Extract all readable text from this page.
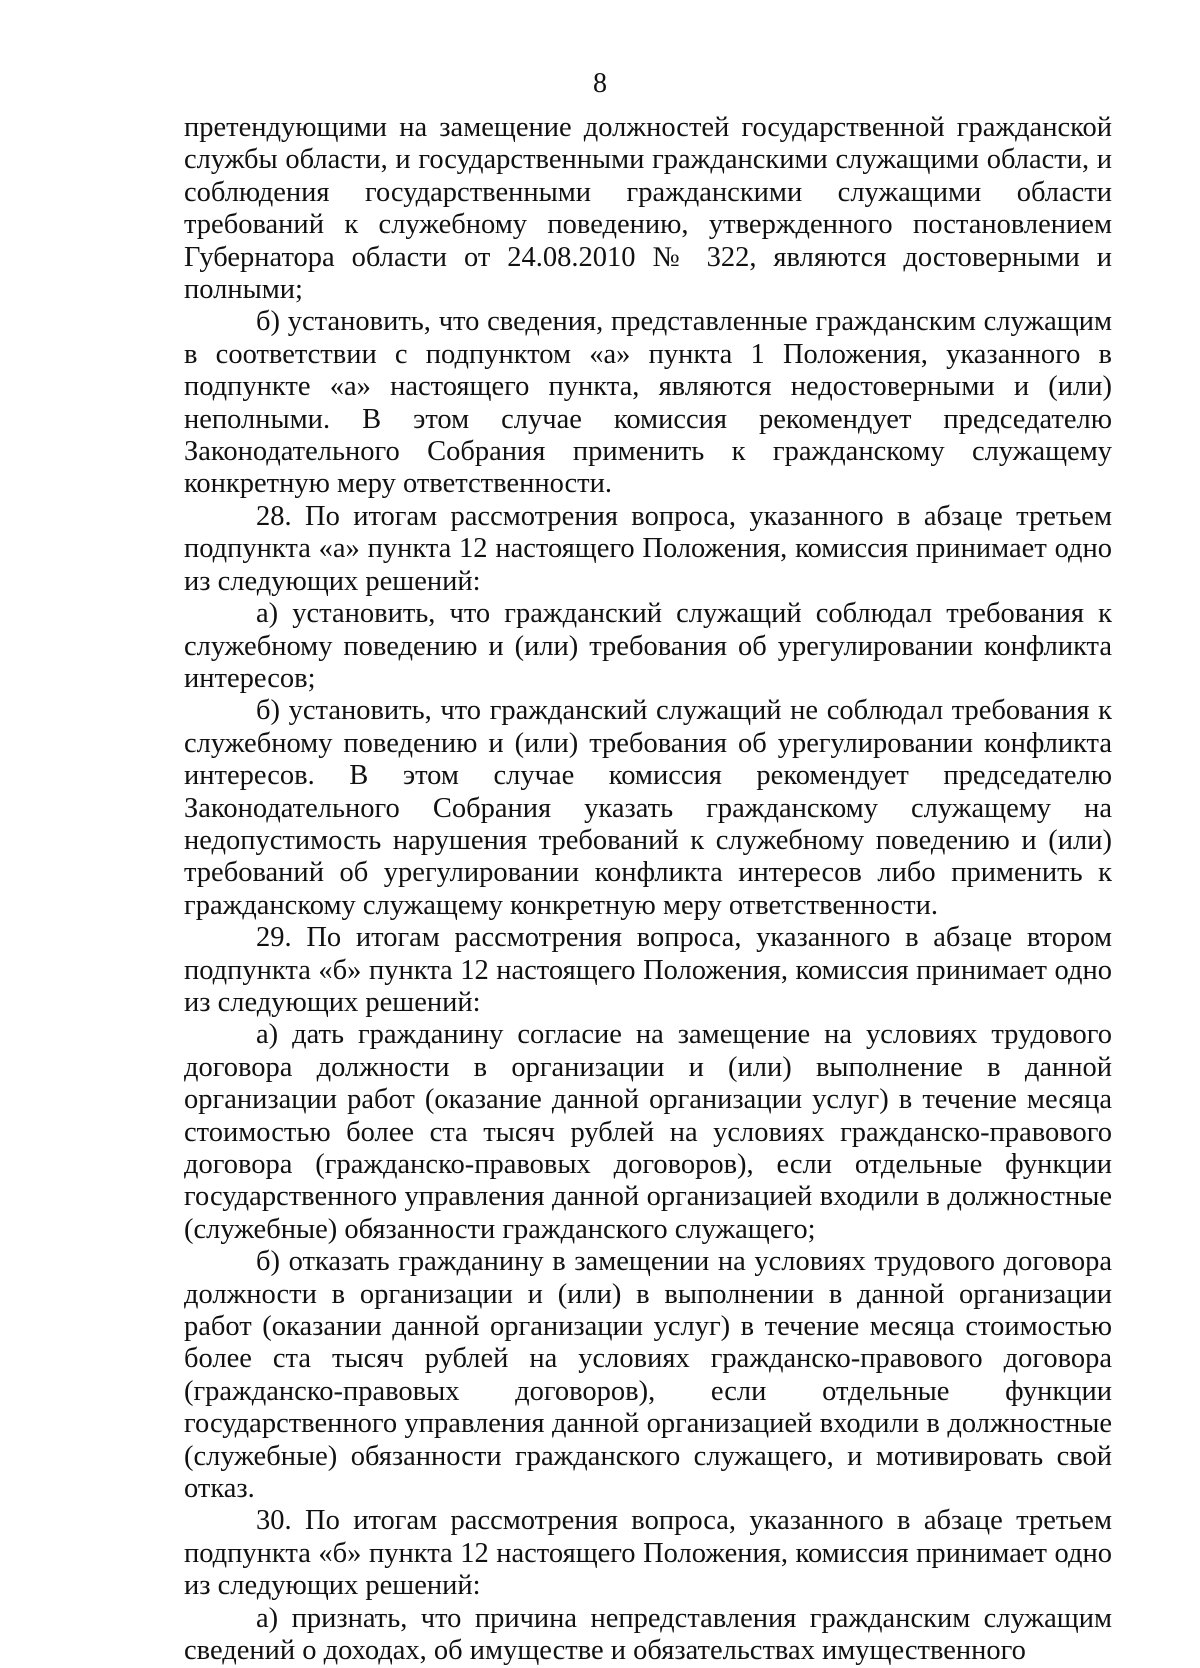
8

претендующими на замещение должностей государственной гражданской службы области, и государственными гражданскими служащими области, и соблюдения государственными гражданскими служащими области требований к служебному поведению, утвержденного постановлением Губернатора области от 24.08.2010 № 322, являются достоверными и полными;

б) установить, что сведения, представленные гражданским служащим в соответствии с подпунктом «а» пункта 1 Положения, указанного в подпункте «а» настоящего пункта, являются недостоверными и (или) неполными. В этом случае комиссия рекомендует председателю Законодательного Собрания применить к гражданскому служащему конкретную меру ответственности.

28. По итогам рассмотрения вопроса, указанного в абзаце третьем подпункта «а» пункта 12 настоящего Положения, комиссия принимает одно из следующих решений:

а) установить, что гражданский служащий соблюдал требования к служебному поведению и (или) требования об урегулировании конфликта интересов;

б) установить, что гражданский служащий не соблюдал требования к служебному поведению и (или) требования об урегулировании конфликта интересов. В этом случае комиссия рекомендует председателю Законодательного Собрания указать гражданскому служащему на недопустимость нарушения требований к служебному поведению и (или) требований об урегулировании конфликта интересов либо применить к гражданскому служащему конкретную меру ответственности.

29. По итогам рассмотрения вопроса, указанного в абзаце втором подпункта «б» пункта 12 настоящего Положения, комиссия принимает одно из следующих решений:

а) дать гражданину согласие на замещение на условиях трудового договора должности в организации и (или) выполнение в данной организации работ (оказание данной организации услуг) в течение месяца стоимостью более ста тысяч рублей на условиях гражданско-правового договора (гражданско-правовых договоров), если отдельные функции государственного управления данной организацией входили в должностные (служебные) обязанности гражданского служащего;

б) отказать гражданину в замещении на условиях трудового договора должности в организации и (или) в выполнении в данной организации работ (оказании данной организации услуг) в течение месяца стоимостью более ста тысяч рублей на условиях гражданско-правового договора (гражданско-правовых договоров), если отдельные функции государственного управления данной организацией входили в должностные (служебные) обязанности гражданского служащего, и мотивировать свой отказ.

30. По итогам рассмотрения вопроса, указанного в абзаце третьем подпункта «б» пункта 12 настоящего Положения, комиссия принимает одно из следующих решений:

а) признать, что причина непредставления гражданским служащим сведений о доходах, об имуществе и обязательствах имущественного
